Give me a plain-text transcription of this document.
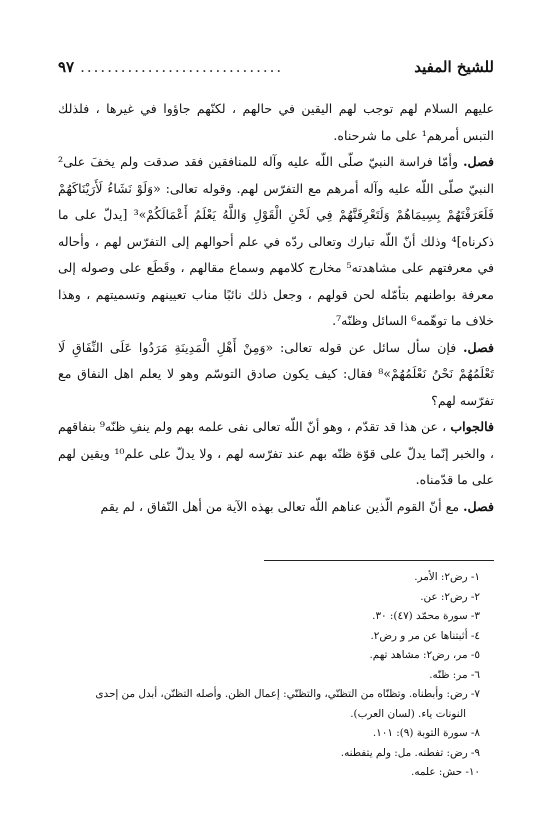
للشيخ المفيد
..............................
٩٧

عليهم السلام لهم توجب لهم اليقين في حالهم ، لكنّهم جاؤوا في غيرها ، فلذلك التبس أمرهم¹ على ما شرحناه.

فصل. وأمّا فراسة النبيّ صلّى اللّه عليه وآله للمنافقين فقد صدقت ولم يخفَ على² النبيّ صلّى اللّه عليه وآله أمرهم مع التفرّس لهم. وقوله تعالى: «وَلَوْ نَشَاءُ لَأَرَيْنَاكَهُمْ فَلَعَرَفْتَهُمْ بِسِيمَاهُمْ وَلَتَعْرِفَنَّهُمْ فِي لَحْنِ الْقَوْلِ وَاللَّهُ يَعْلَمُ أَعْمَالَكُمْ»³ [يدلّ على ما ذكرناه]⁴ وذلك أنّ اللّه تبارك وتعالى ردّه في علم أحوالهم إلى التفرّس لهم ، وأحاله في معرفتهم على مشاهدته⁵ مخارج كلامهم وسماع مقالهم ، وقَطَع على وصوله إلى معرفة بواطنهم بتأمّله لحن قولهم ، وجعل ذلك نائبًا مناب تعيينهم وتسميتهم ، وهذا خلاف ما توهّمه⁶ السائل وظنّه⁷.

فصل. فإن سأل سائل عن قوله تعالى: «وَمِنْ أَهْلِ الْمَدِينَةِ مَرَدُوا عَلَى النِّفَاقِ لَا تَعْلَمُهُمْ نَحْنُ نَعْلَمُهُمْ»⁸ فقال: كيف يكون صادق التوسّم وهو لا يعلم اهل النفاق مع تفرّسه لهم؟

فالجواب ، عن هذا قد تقدّم ، وهو أنّ اللّه تعالى نفى علمه بهم ولم ينفِ ظنّه⁹ بنفاقهم ، والخبر إنّما يدلّ على قوّة ظنّه بهم عند تفرّسه لهم ، ولا يدلّ على علم¹⁰ ويقين لهم على ما قدّمناه.

فصل. مع أنّ القوم الّذين عناهم اللّه تعالى بهذه الآية من أهل النّفاق ، لم يقم

١- رض٢: الأمر.
٢- رض٢: عن.
٣- سورة محمّد (٤٧): ٣٠.
٤- أثبتناها عن مر و رض٢.
٥- مر، رض٢: مشاهد تهم.
٦- مر: ظنّه.
٧- رض: وأبطناه. وتظنّاه من التظنّي، والتظنّي: إعمال الظن. وأصله التظنّن، أبدل من إحدى
النونات ياء. (لسان العرب).
٨- سورة التوبة (٩): ١٠١.
٩- رض: تفطنه. مل: ولم يتفطنه.
١٠- حش: علمه.
